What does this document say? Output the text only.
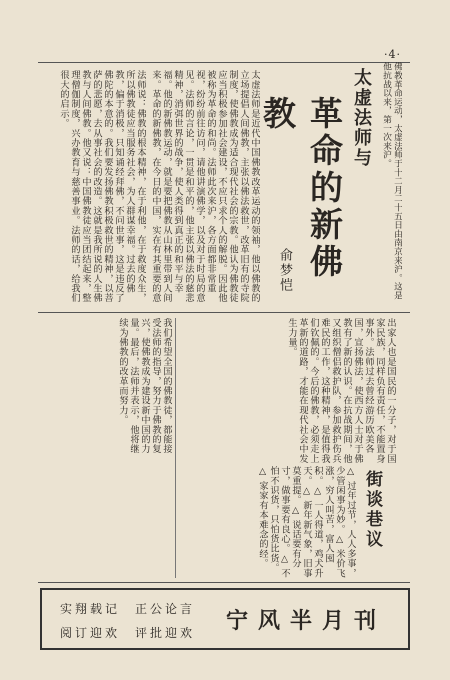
·4·
佛教革命运动，太虚法师于十二月二十五日由南京来沪。这是他抗战以来，第一次来沪。
太虚法师与
革命的新佛教
俞梦恺
太虚法师是近代中国佛教改革运动的领袖，他以佛教的立场提倡人间佛教，主张以佛法救世，改革旧有的寺院制度，使佛教成为适合现代社会的宗教。他认为佛教徒应当积极参加社会建设，不应只求个人的解脱。因此他被称为革命的和尚。法师此次来沪，各方面都非常重视，纷纷前往访问，请他讲演佛学，以及对于时局的意见。法师的言论，一贯是和平的，他主张以佛法的慈悲精神，消弭世界的战争，使人类得到真正的和平与幸福。他的新佛教运动，就是要把佛教从山林里带到人间来。革命的新佛教，在今日的中国，实在有其重要的意
法师说：佛教的根本精神，在于利他，在于救度众生，所以佛教徒应当服务社会，为人群谋幸福。过去的佛教，偏于消极，只知诵经拜佛，不问世事，这是违反了佛陀的本意的。我们要发扬佛教积极救世的精神，以菩萨的悲愿，去从事社会的改造。这就是我所说的人生佛教与人间佛教。他又说：中国佛教徒应当团结起来，整理僧伽制度，兴办教育与慈善事业。法师的话，给我们很大的启示。
出家人也是国民的一分子，对于国家民族，同样负有责任，不能置身事外。法师过去曾经游历欧美各国，宣扬佛法，使西方人士对于佛教有了新的认识。在抗战期间，他又组织僧侣救护队，参加救护伤兵难民的工作，这种精神，是值得我们钦佩的。今后的佛教，必须走上革新的道路，才能在现代社会中发生力量。
我们希望全国的佛教徒，都能接受法师的指导，努力于佛教的复兴，使佛教成为建设新中国的力量。最后，法师并表示，他将继续为佛教的改革而努力。
街谈巷议
△ 过年过节，人人多事，少管闲事为妙。△ 米价飞涨，穷人叫苦，富人囤积。△ 一人得道，鸡犬升天。△ 新年新气象，旧事莫重提。△ 说话要有分寸，做事要有良心。△ 不怕不识货，只怕货比货。△ 家家有本难念的经。
宁风半月刊
实翔载记　正公论言
阅订迎欢　评批迎欢
